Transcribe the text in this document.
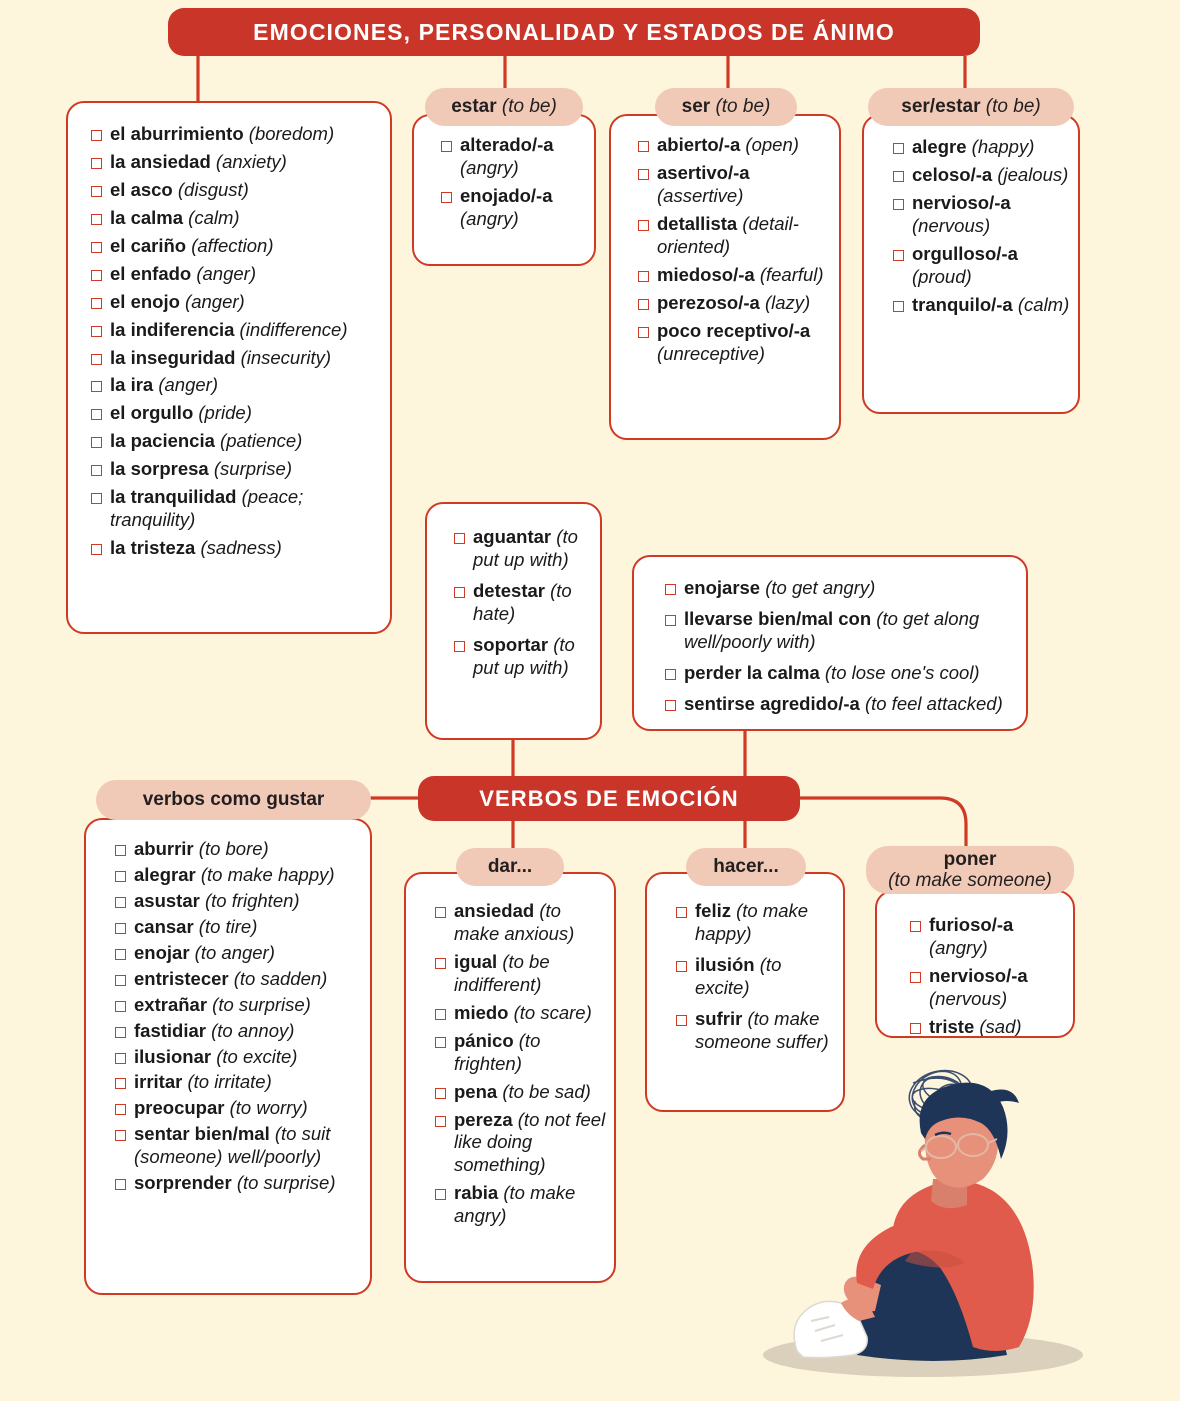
EMOCIONES, PERSONALIDAD Y ESTADOS DE ÁNIMO
VERBOS DE EMOCIÓN
el aburrimiento (boredom)
la ansiedad (anxiety)
el asco (disgust)
la calma (calm)
el cariño (affection)
el enfado (anger)
el enojo (anger)
la indiferencia (indifference)
la inseguridad (insecurity)
la ira (anger)
el orgullo (pride)
la paciencia (patience)
la sorpresa (surprise)
la tranquilidad (peace; tranquility)
la tristeza (sadness)
alterado/-a (angry)
enojado/-a (angry)
estar
(to be)
abierto/-a (open)
asertivo/-a (assertive)
detallista (detail-oriented)
miedoso/-a (fearful)
perezoso/-a (lazy)
poco receptivo/-a (unreceptive)
ser
(to be)
alegre (happy)
celoso/-a (jealous)
nervioso/-a (nervous)
orgulloso/-a (proud)
tranquilo/-a (calm)
ser/estar
(to be)
aguantar (to put up with)
detestar (to hate)
soportar (to put up with)
enojarse (to get angry)
llevarse bien/mal con (to get along well/poorly with)
perder la calma (to lose one's cool)
sentirse agredido/-a (to feel attacked)
aburrir (to bore)
alegrar (to make happy)
asustar (to frighten)
cansar (to tire)
enojar (to anger)
entristecer (to sadden)
extrañar (to surprise)
fastidiar (to annoy)
ilusionar (to excite)
irritar (to irritate)
preocupar (to worry)
sentar bien/mal (to suit (someone) well/poorly)
sorprender (to surprise)
verbos como gustar
ansiedad (to make anxious)
igual (to be indifferent)
miedo (to scare)
pánico (to frighten)
pena (to be sad)
pereza (to not feel like doing something)
rabia (to make angry)
dar...
feliz (to make happy)
ilusión (to excite)
sufrir (to make someone suffer)
hacer...
furioso/-a (angry)
nervioso/-a (nervous)
triste (sad)
poner
(to make someone)
